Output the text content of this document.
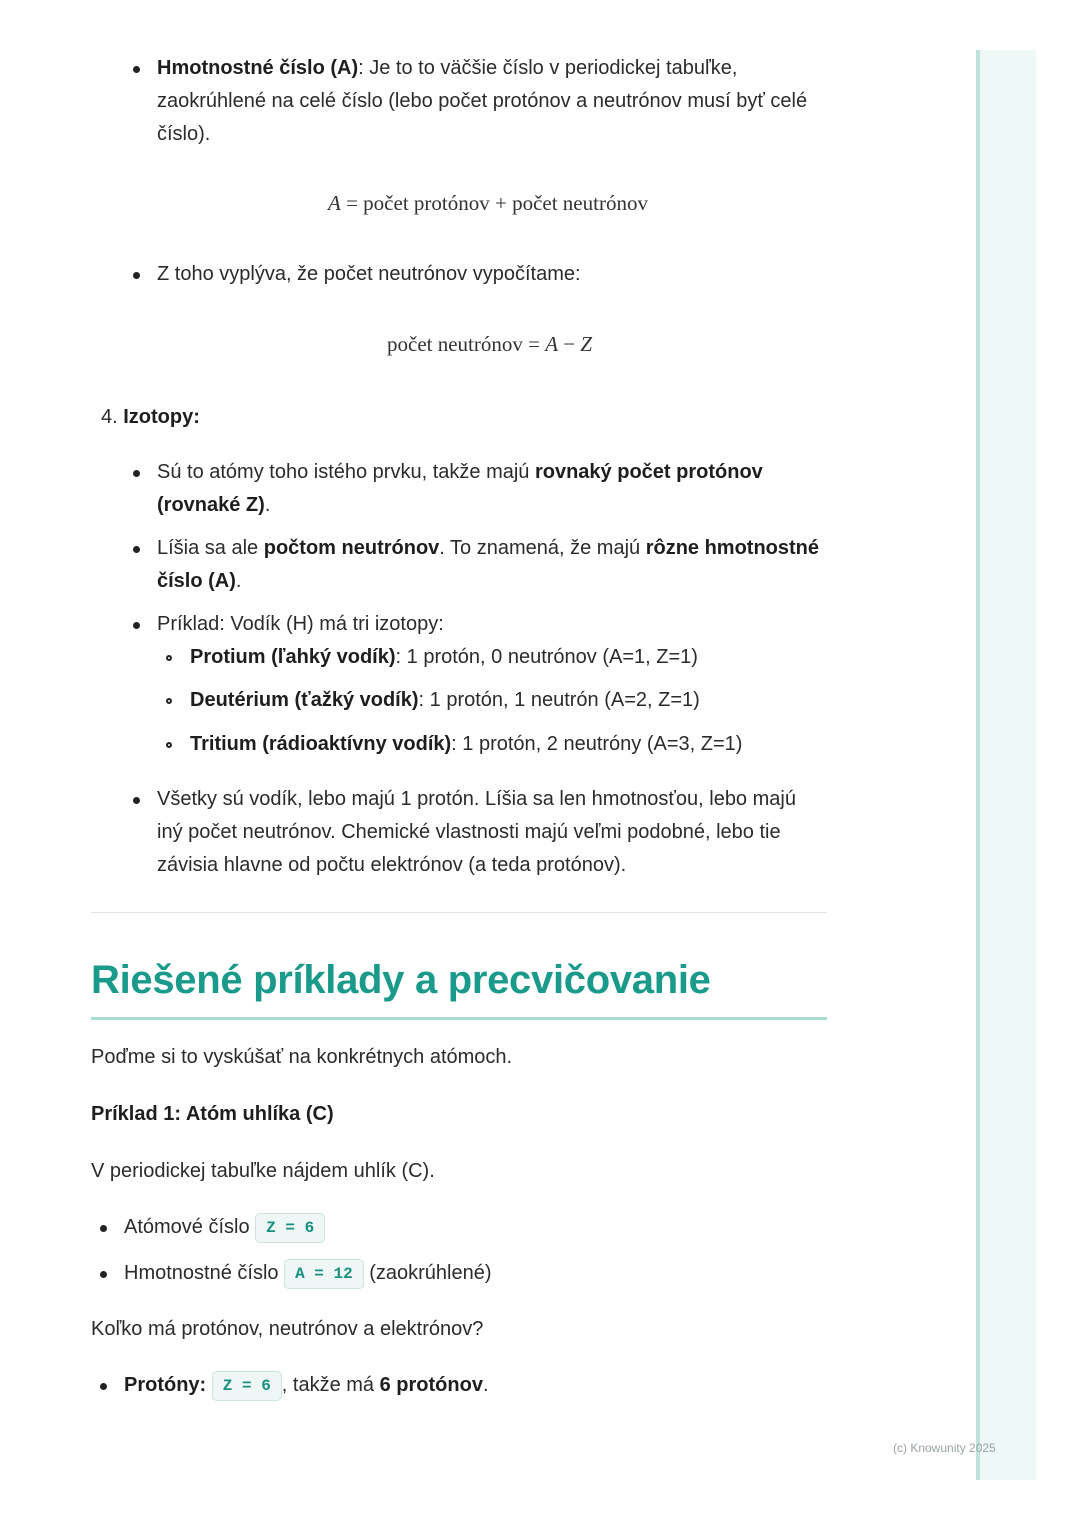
Hmotnostné číslo (A): Je to to väčšie číslo v periodickej tabuľke, zaokrúhlené na celé číslo (lebo počet protónov a neutrónov musí byť celé číslo).
A = počet protónov + počet neutrónov
Z toho vyplýva, že počet neutrónov vypočítame:
počet neutrónov = A − Z
4. Izotopy:
Sú to atómy toho istého prvku, takže majú rovnaký počet protónov (rovnaké Z).
Líšia sa ale počtom neutrónov. To znamená, že majú rôzne hmotnostné číslo (A).
Príklad: Vodík (H) má tri izotopy:
Protium (ľahký vodík): 1 protón, 0 neutrónov (A=1, Z=1)
Deutérium (ťažký vodík): 1 protón, 1 neutrón (A=2, Z=1)
Tritium (rádioaktívny vodík): 1 protón, 2 neutróny (A=3, Z=1)
Všetky sú vodík, lebo majú 1 protón. Líšia sa len hmotnosťou, lebo majú iný počet neutrónov. Chemické vlastnosti majú veľmi podobné, lebo tie závisia hlavne od počtu elektrónov (a teda protónov).
Riešené príklady a precvičovanie
Poďme si to vyskúšať na konkrétnych atómoch.
Príklad 1: Atóm uhlíka (C)
V periodickej tabuľke nájdem uhlík (C).
Atómové číslo Z = 6
Hmotnostné číslo A = 12 (zaokrúhlené)
Koľko má protónov, neutrónov a elektrónov?
Protóny: Z = 6 , takže má 6 protónov.
(c) Knowunity 2025
